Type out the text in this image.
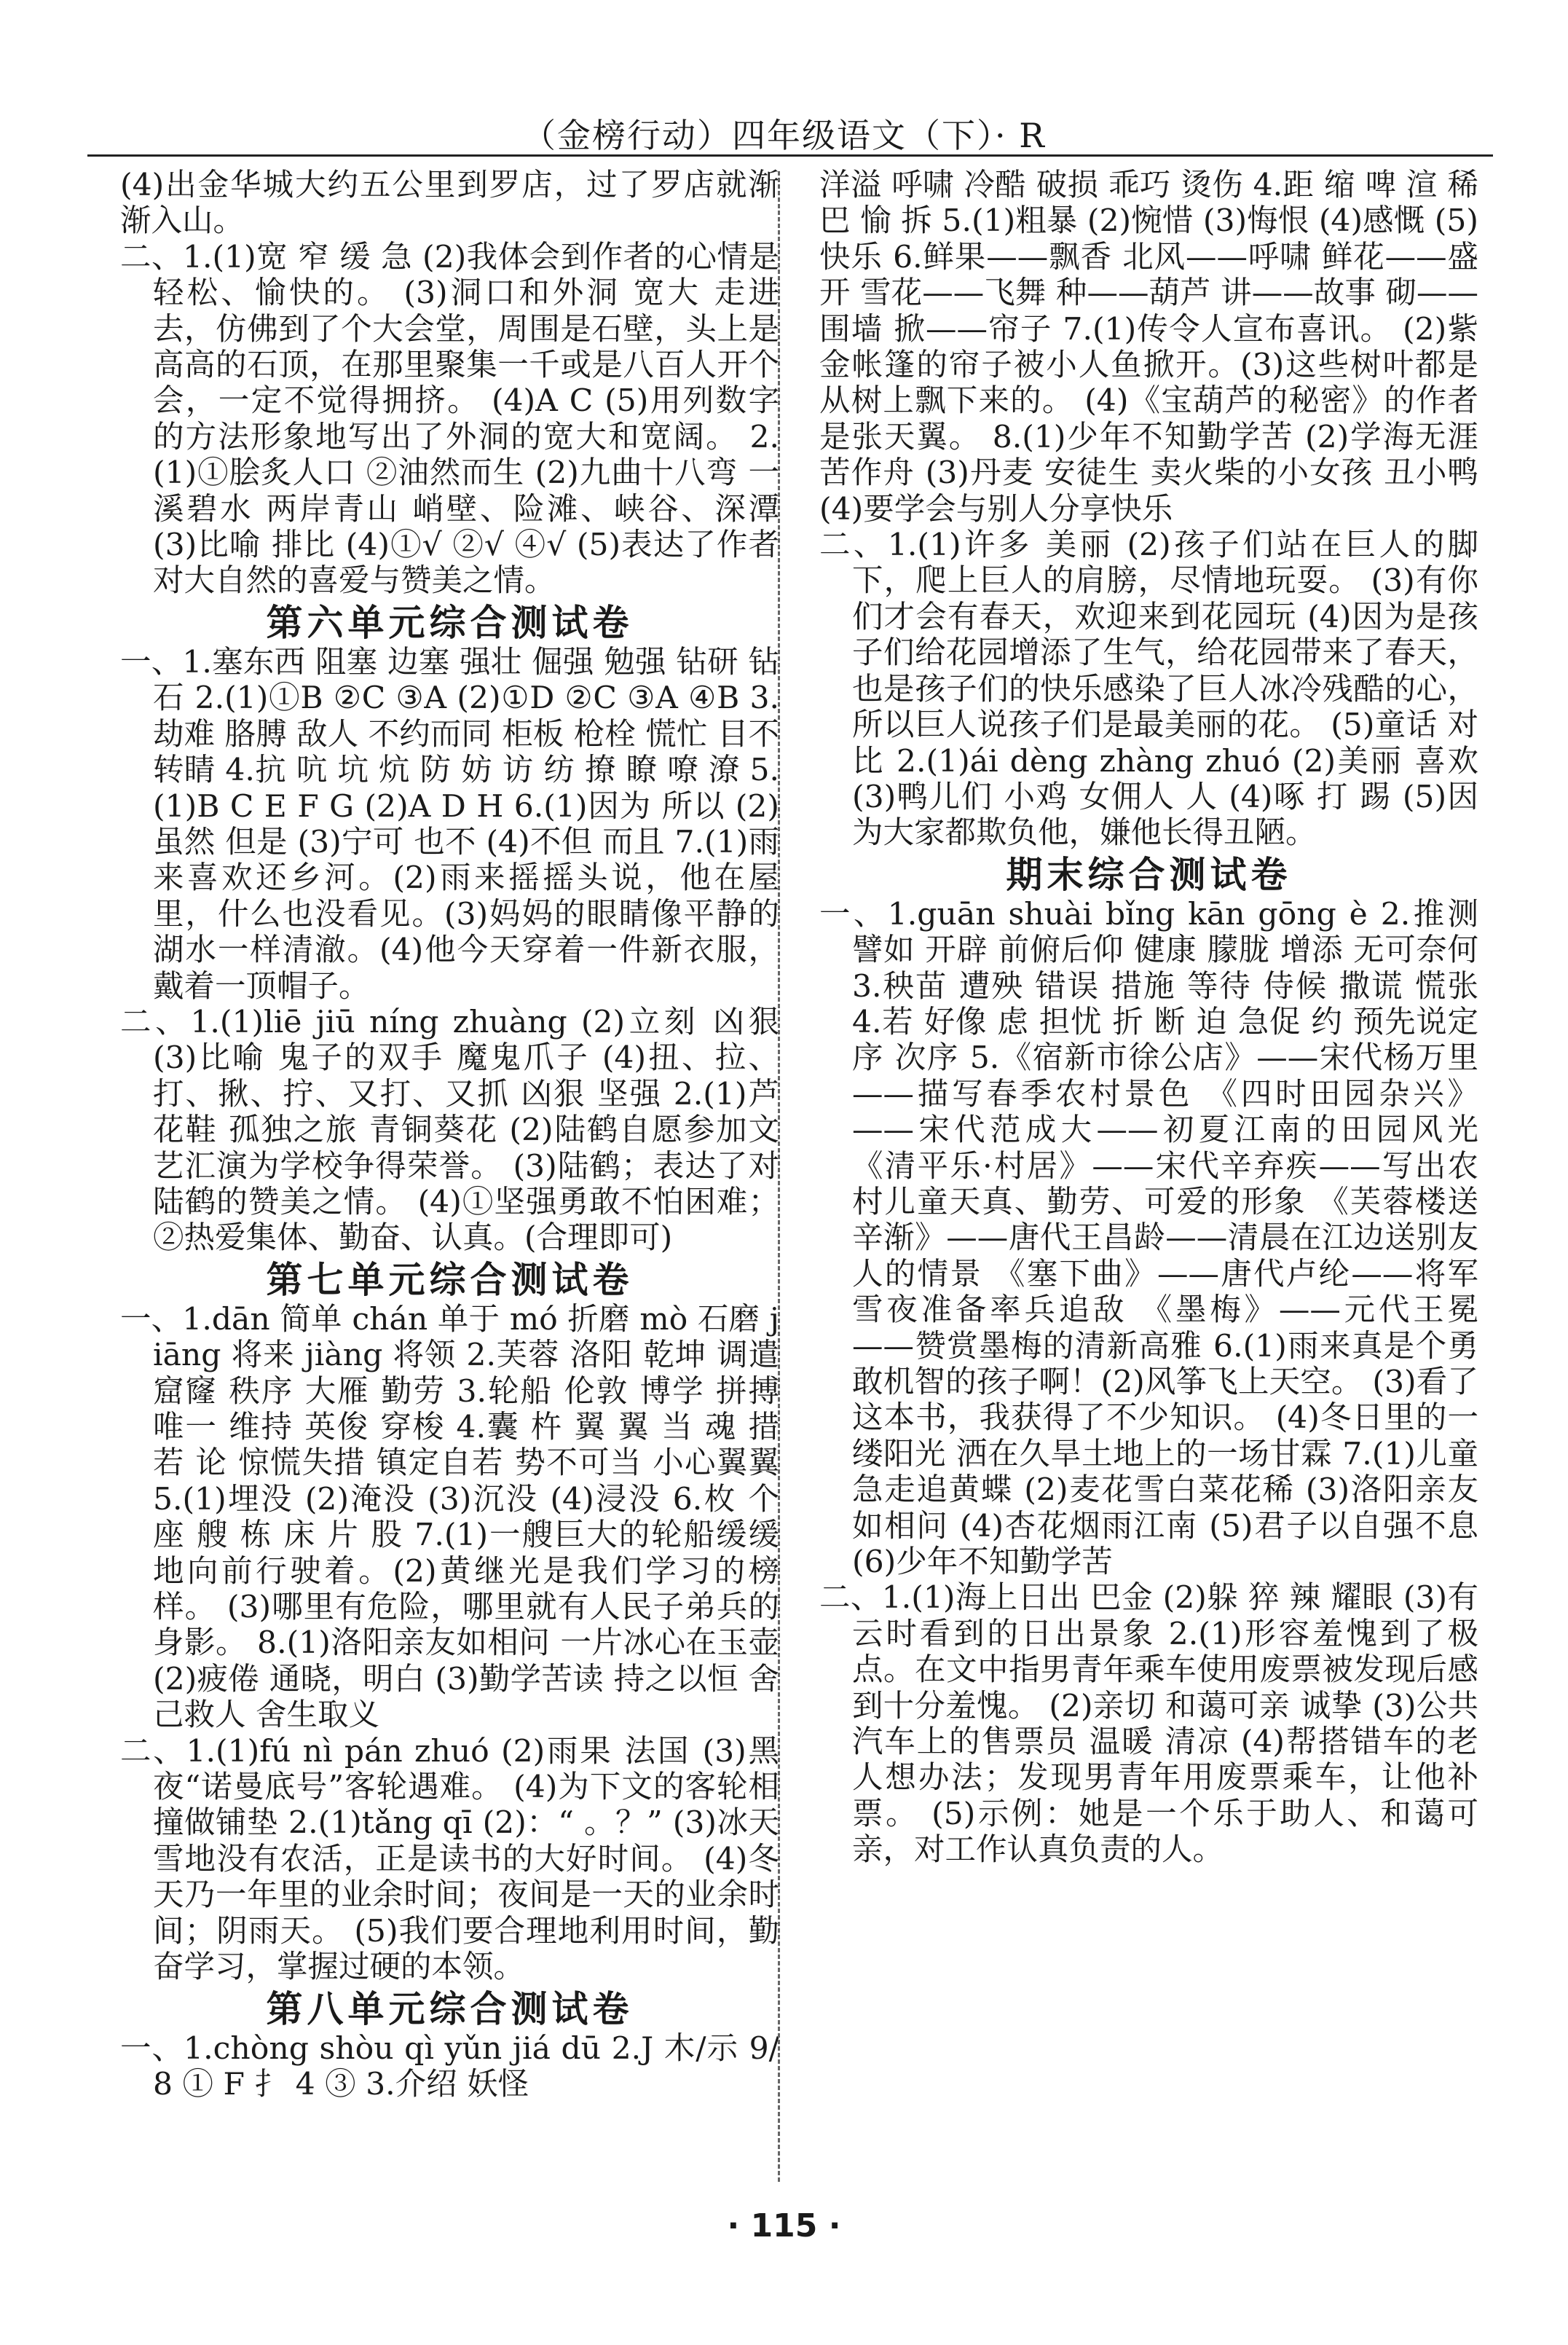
（金榜行动）四年级语文（下）· R

(4)出金华城大约五公里到罗店，过了罗店就渐渐入山。

二、1.(1)宽 窄 缓 急 (2)我体会到作者的心情是轻松、愉快的。 (3)洞口和外洞 宽大 走进去，仿佛到了个大会堂，周围是石壁，头上是高高的石顶，在那里聚集一千或是八百人开个会，一定不觉得拥挤。 (4)A C (5)用列数字的方法形象地写出了外洞的宽大和宽阔。 2.(1)①脍炙人口 ②油然而生 (2)九曲十八弯 一溪碧水 两岸青山 峭壁、险滩、峡谷、深潭 (3)比喻 排比 (4)①√ ②√ ④√ (5)表达了作者对大自然的喜爱与赞美之情。

第六单元综合测试卷

一、1.塞东西 阻塞 边塞 强壮 倔强 勉强 钻研 钻石 2.(1)①B ②C ③A (2)①D ②C ③A ④B 3.劫难 胳膊 敌人 不约而同 柜板 枪栓 慌忙 目不转睛 4.抗 吭 坑 炕 防 妨 访 纺 撩 瞭 嘹 潦 5.(1)B C E F G (2)A D H 6.(1)因为 所以 (2)虽然 但是 (3)宁可 也不 (4)不但 而且 7.(1)雨来喜欢还乡河。(2)雨来摇摇头说，他在屋里，什么也没看见。(3)妈妈的眼睛像平静的湖水一样清澈。(4)他今天穿着一件新衣服，戴着一顶帽子。

二、1.(1)liē jiū níng zhuàng (2)立刻 凶狠 (3)比喻 鬼子的双手 魔鬼爪子 (4)扭、拉、打、揪、拧、又打、又抓 凶狠 坚强 2.(1)芦花鞋 孤独之旅 青铜葵花 (2)陆鹤自愿参加文艺汇演为学校争得荣誉。 (3)陆鹤；表达了对陆鹤的赞美之情。 (4)①坚强勇敢不怕困难；②热爱集体、勤奋、认真。(合理即可)

第七单元综合测试卷

一、1.dān 简单 chán 单于 mó 折磨 mò 石磨 jiāng 将来 jiàng 将领 2.芙蓉 洛阳 乾坤 调遣 窟窿 秩序 大雁 勤劳 3.轮船 伦敦 博学 拼搏 唯一 维持 英俊 穿梭 4.囊 杵 翼 翼 当 魂 措 若 论 惊慌失措 镇定自若 势不可当 小心翼翼 5.(1)埋没 (2)淹没 (3)沉没 (4)浸没 6.枚 个 座 艘 栋 床 片 股 7.(1)一艘巨大的轮船缓缓地向前行驶着。(2)黄继光是我们学习的榜样。 (3)哪里有危险，哪里就有人民子弟兵的身影。 8.(1)洛阳亲友如相问 一片冰心在玉壶 (2)疲倦 通晓，明白 (3)勤学苦读 持之以恒 舍己救人 舍生取义

二、1.(1)fú nì pán zhuó (2)雨果 法国 (3)黑夜“诺曼底号”客轮遇难。 (4)为下文的客轮相撞做铺垫 2.(1)tǎng qī (2)：“ 。？” (3)冰天雪地没有农活，正是读书的大好时间。 (4)冬天乃一年里的业余时间；夜间是一天的业余时间；阴雨天。 (5)我们要合理地利用时间，勤奋学习，掌握过硬的本领。

第八单元综合测试卷

一、1.chòng shòu qì yǔn jiá dū 2.J 木/示 9/8 ① F 扌 4 ③ 3.介绍 妖怪

洋溢 呼啸 冷酷 破损 乖巧 烫伤 4.距 缩 啤 渲 稀 巴 愉 拆 5.(1)粗暴 (2)惋惜 (3)悔恨 (4)感慨 (5)快乐 6.鲜果——飘香 北风——呼啸 鲜花——盛开 雪花——飞舞 种——葫芦 讲——故事 砌——围墙 掀——帘子 7.(1)传令人宣布喜讯。 (2)紫金帐篷的帘子被小人鱼掀开。(3)这些树叶都是从树上飘下来的。 (4)《宝葫芦的秘密》的作者是张天翼。 8.(1)少年不知勤学苦 (2)学海无涯苦作舟 (3)丹麦 安徒生 卖火柴的小女孩 丑小鸭 (4)要学会与别人分享快乐

二、1.(1)许多 美丽 (2)孩子们站在巨人的脚下，爬上巨人的肩膀，尽情地玩耍。 (3)有你们才会有春天，欢迎来到花园玩 (4)因为是孩子们给花园增添了生气，给花园带来了春天，也是孩子们的快乐感染了巨人冰冷残酷的心，所以巨人说孩子们是最美丽的花。 (5)童话 对比 2.(1)ái dèng zhàng zhuó (2)美丽 喜欢 (3)鸭儿们 小鸡 女佣人 人 (4)啄 打 踢 (5)因为大家都欺负他，嫌他长得丑陋。

期末综合测试卷

一、1.guān shuài bǐng kān gōng è 2.推测 譬如 开辟 前俯后仰 健康 朦胧 增添 无可奈何 3.秧苗 遭殃 错误 措施 等待 侍候 撒谎 慌张 4.若 好像 虑 担忧 折 断 迫 急促 约 预先说定 序 次序 5.《宿新市徐公店》——宋代杨万里——描写春季农村景色 《四时田园杂兴》——宋代范成大——初夏江南的田园风光 《清平乐·村居》——宋代辛弃疾——写出农村儿童天真、勤劳、可爱的形象 《芙蓉楼送辛渐》——唐代王昌龄——清晨在江边送别友人的情景 《塞下曲》——唐代卢纶——将军雪夜准备率兵追敌 《墨梅》——元代王冕——赞赏墨梅的清新高雅 6.(1)雨来真是个勇敢机智的孩子啊！(2)风筝飞上天空。 (3)看了这本书，我获得了不少知识。 (4)冬日里的一缕阳光 洒在久旱土地上的一场甘霖 7.(1)儿童急走追黄蝶 (2)麦花雪白菜花稀 (3)洛阳亲友如相问 (4)杏花烟雨江南 (5)君子以自强不息 (6)少年不知勤学苦

二、1.(1)海上日出 巴金 (2)躲 猝 辣 耀眼 (3)有云时看到的日出景象 2.(1)形容羞愧到了极点。在文中指男青年乘车使用废票被发现后感到十分羞愧。 (2)亲切 和蔼可亲 诚挚 (3)公共汽车上的售票员 温暖 清凉 (4)帮搭错车的老人想办法；发现男青年用废票乘车，让他补票。 (5)示例：她是一个乐于助人、和蔼可亲，对工作认真负责的人。

· 115 ·
